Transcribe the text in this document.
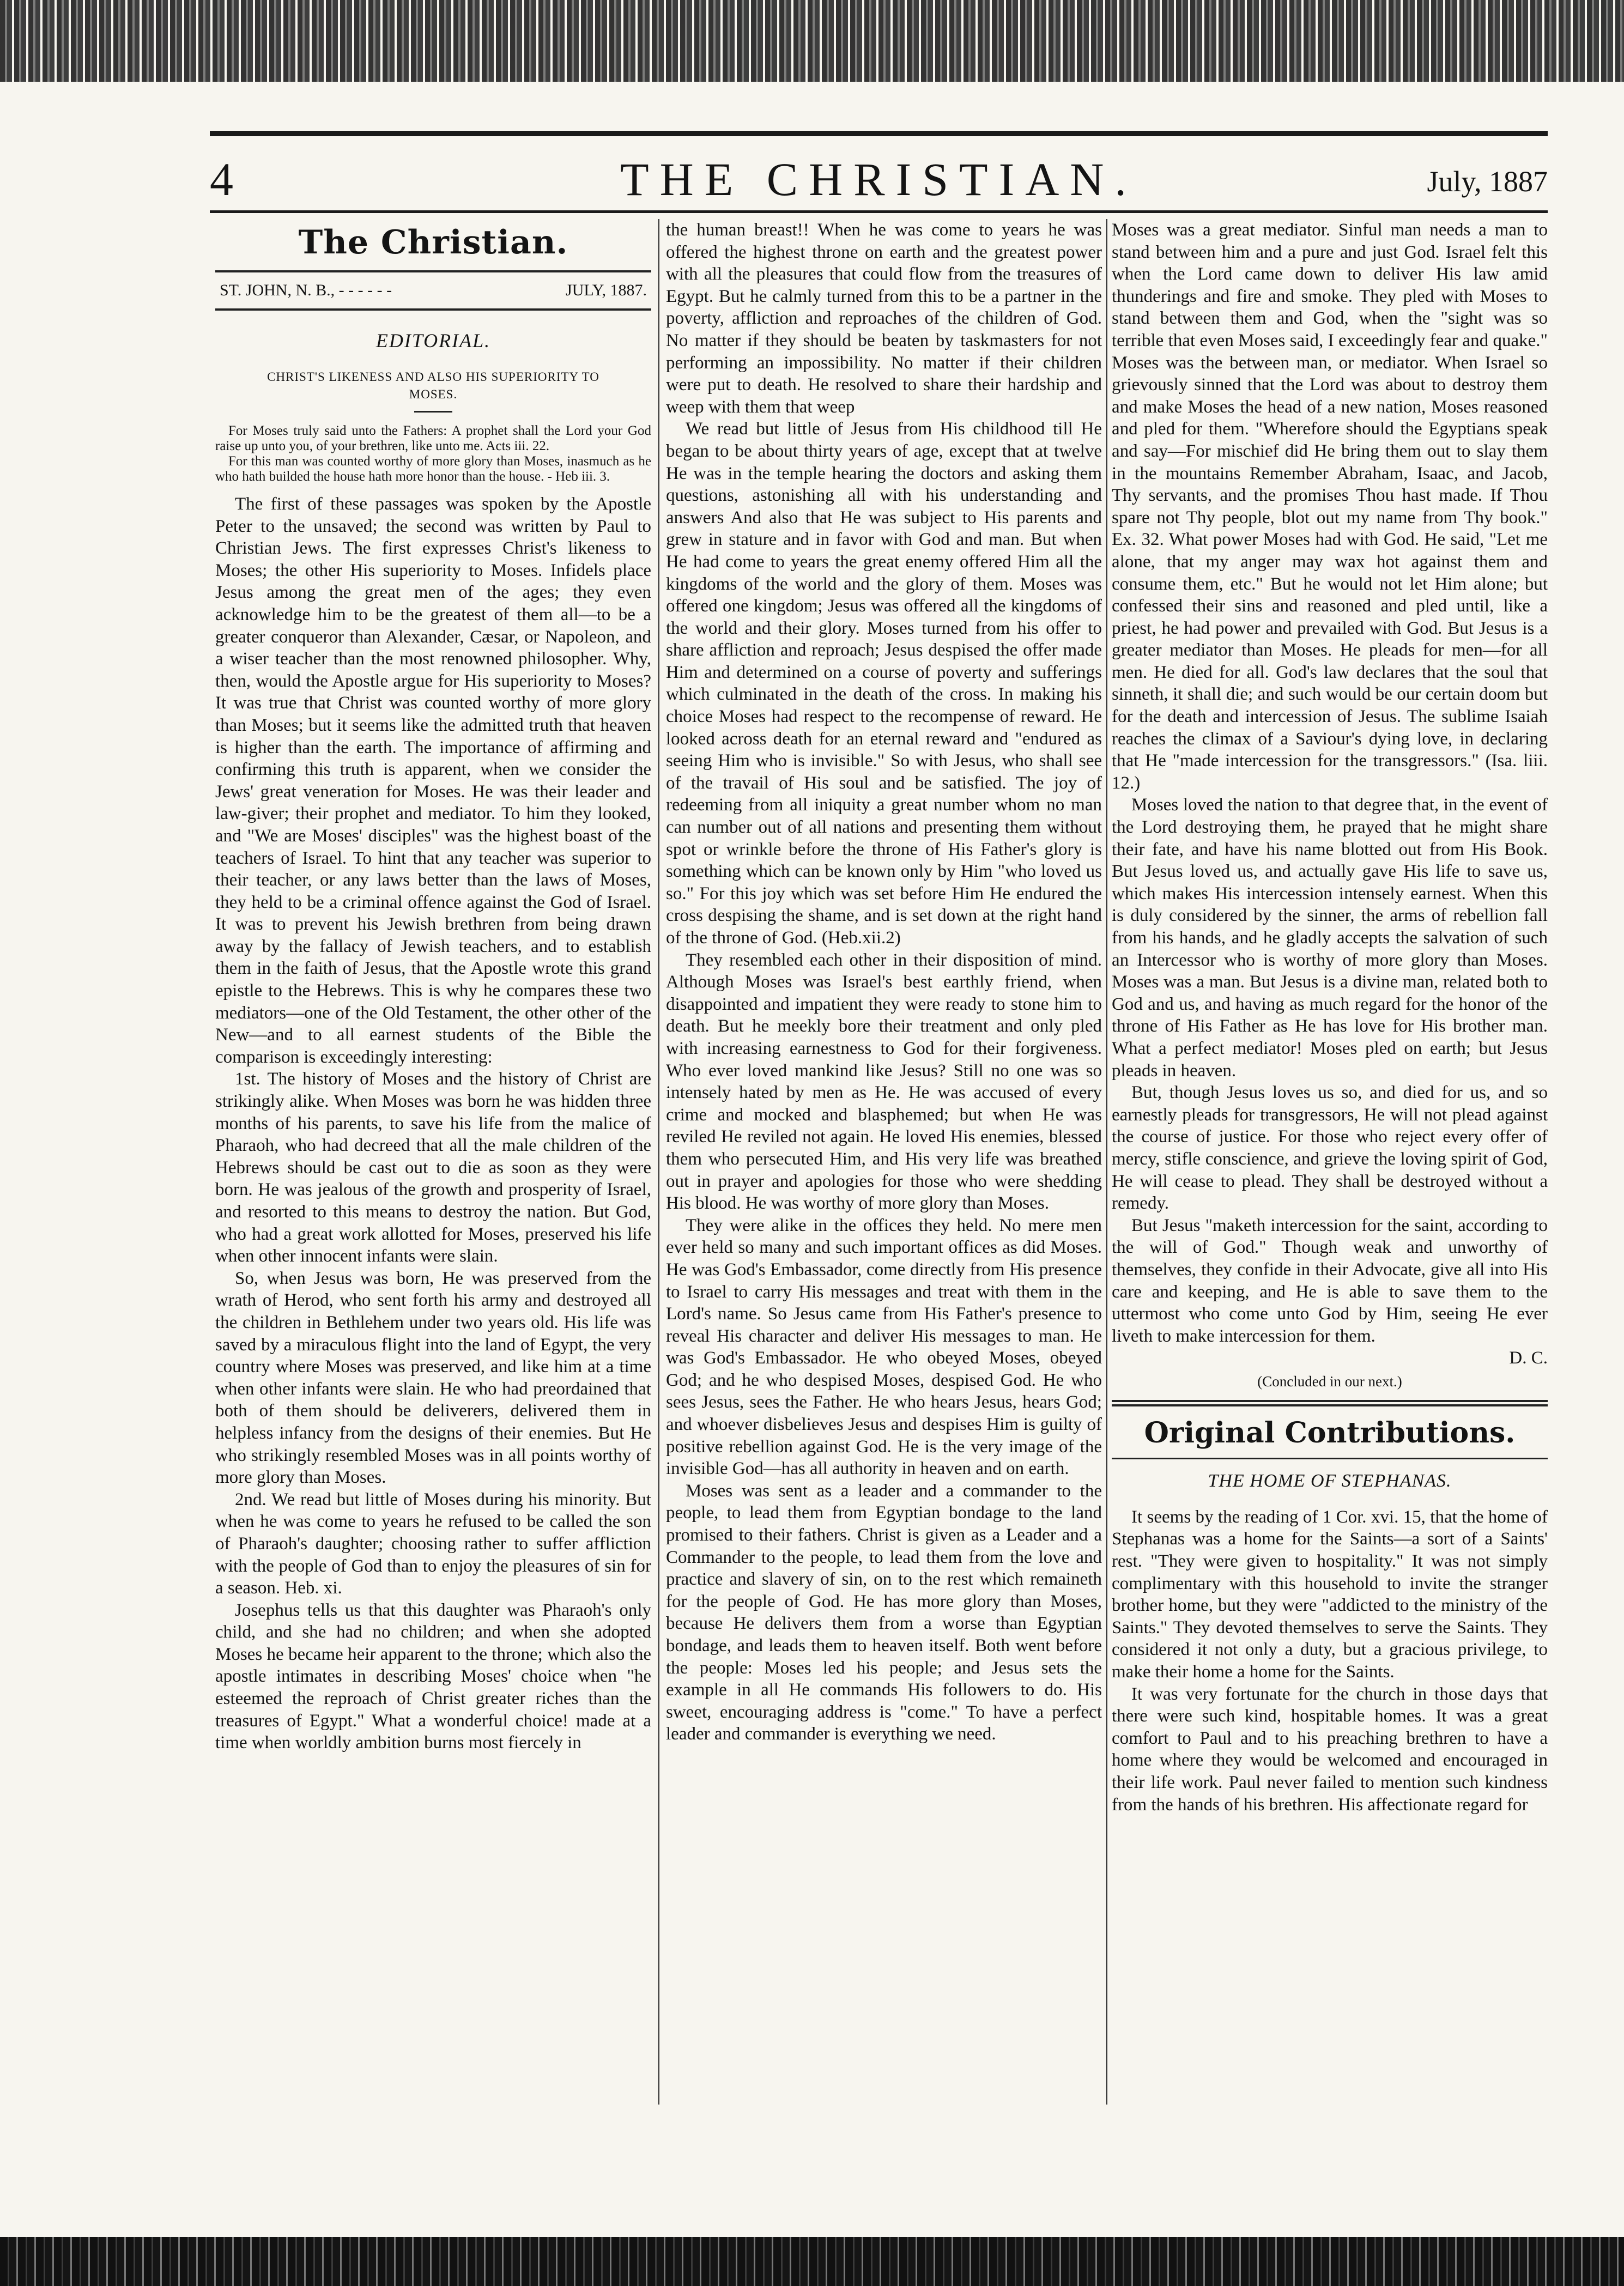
4	THE CHRISTIAN.	July, 1887
The Christian.
ST. JOHN, N. B., - - - - - -	JULY, 1887.
EDITORIAL.
CHRIST'S LIKENESS AND ALSO HIS SUPERIORITY TO MOSES.

For Moses truly said unto the Fathers: A prophet shall the Lord your God raise up unto you, of your brethren, like unto me. Acts iii. 22.

For this man was counted worthy of more glory than Moses, inasmuch as he who hath builded the house hath more honor than the house. - Heb iii. 3.

The first of these passages was spoken by the Apostle Peter to the unsaved; the second was written by Paul to Christian Jews. The first expresses Christ's likeness to Moses; the other His superiority to Moses. Infidels place Jesus among the great men of the ages; they even acknowledge him to be the greatest of them all—to be a greater conqueror than Alexander, Cæsar, or Napoleon, and a wiser teacher than the most renowned philosopher. Why, then, would the Apostle argue for His superiority to Moses? It was true that Christ was counted worthy of more glory than Moses; but it seems like the admitted truth that heaven is higher than the earth. The importance of affirming and confirming this truth is apparent, when we consider the Jews' great veneration for Moses. He was their leader and law-giver; their prophet and mediator. To him they looked, and "We are Moses' disciples" was the highest boast of the teachers of Israel. To hint that any teacher was superior to their teacher, or any laws better than the laws of Moses, they held to be a criminal offence against the God of Israel. It was to prevent his Jewish brethren from being drawn away by the fallacy of Jewish teachers, and to establish them in the faith of Jesus, that the Apostle wrote this grand epistle to the Hebrews. This is why he compares these two mediators—one of the Old Testament, the other other of the New—and to all earnest students of the Bible the comparison is exceedingly interesting:

1st. The history of Moses and the history of Christ are strikingly alike. When Moses was born he was hidden three months of his parents, to save his life from the malice of Pharaoh, who had decreed that all the male children of the Hebrews should be cast out to die as soon as they were born. He was jealous of the growth and prosperity of Israel, and resorted to this means to destroy the nation. But God, who had a great work allotted for Moses, preserved his life when other innocent infants were slain.

So, when Jesus was born, He was preserved from the wrath of Herod, who sent forth his army and destroyed all the children in Bethlehem under two years old. His life was saved by a miraculous flight into the land of Egypt, the very country where Moses was preserved, and like him at a time when other infants were slain. He who had preordained that both of them should be deliverers, delivered them in helpless infancy from the designs of their enemies. But He who strikingly resembled Moses was in all points worthy of more glory than Moses.

2nd. We read but little of Moses during his minority. But when he was come to years he refused to be called the son of Pharaoh's daughter; choosing rather to suffer affliction with the people of God than to enjoy the pleasures of sin for a season. Heb. xi.

Josephus tells us that this daughter was Pharaoh's only child, and she had no children; and when she adopted Moses he became heir apparent to the throne; which also the apostle intimates in describing Moses' choice when "he esteemed the reproach of Christ greater riches than the treasures of Egypt." What a wonderful choice! made at a time when worldly ambition burns most fiercely in

the human breast!! When he was come to years he was offered the highest throne on earth and the greatest power with all the pleasures that could flow from the treasures of Egypt. But he calmly turned from this to be a partner in the poverty, affliction and reproaches of the children of God. No matter if they should be beaten by taskmasters for not performing an impossibility. No matter if their children were put to death. He resolved to share their hardship and weep with them that weep

We read but little of Jesus from His childhood till He began to be about thirty years of age, except that at twelve He was in the temple hearing the doctors and asking them questions, astonishing all with his understanding and answers And also that He was subject to His parents and grew in stature and in favor with God and man. But when He had come to years the great enemy offered Him all the kingdoms of the world and the glory of them. Moses was offered one kingdom; Jesus was offered all the kingdoms of the world and their glory. Moses turned from his offer to share affliction and reproach; Jesus despised the offer made Him and determined on a course of poverty and sufferings which culminated in the death of the cross. In making his choice Moses had respect to the recompense of reward. He looked across death for an eternal reward and "endured as seeing Him who is invisible." So with Jesus, who shall see of the travail of His soul and be satisfied. The joy of redeeming from all iniquity a great number whom no man can number out of all nations and presenting them without spot or wrinkle before the throne of His Father's glory is something which can be known only by Him "who loved us so." For this joy which was set before Him He endured the cross despising the shame, and is set down at the right hand of the throne of God. (Heb.xii.2)

They resembled each other in their disposition of mind. Although Moses was Israel's best earthly friend, when disappointed and impatient they were ready to stone him to death. But he meekly bore their treatment and only pled with increasing earnestness to God for their forgiveness. Who ever loved mankind like Jesus? Still no one was so intensely hated by men as He. He was accused of every crime and mocked and blasphemed; but when He was reviled He reviled not again. He loved His enemies, blessed them who persecuted Him, and His very life was breathed out in prayer and apologies for those who were shedding His blood. He was worthy of more glory than Moses.

They were alike in the offices they held. No mere men ever held so many and such important offices as did Moses. He was God's Embassador, come directly from His presence to Israel to carry His messages and treat with them in the Lord's name. So Jesus came from His Father's presence to reveal His character and deliver His messages to man. He was God's Embassador. He who obeyed Moses, obeyed God; and he who despised Moses, despised God. He who sees Jesus, sees the Father. He who hears Jesus, hears God; and whoever disbelieves Jesus and despises Him is guilty of positive rebellion against God. He is the very image of the invisible God—has all authority in heaven and on earth.

Moses was sent as a leader and a commander to the people, to lead them from Egyptian bondage to the land promised to their fathers. Christ is given as a Leader and a Commander to the people, to lead them from the love and practice and slavery of sin, on to the rest which remaineth for the people of God. He has more glory than Moses, because He delivers them from a worse than Egyptian bondage, and leads them to heaven itself. Both went before the people: Moses led his people; and Jesus sets the example in all He commands His followers to do. His sweet, encouraging address is "come." To have a perfect leader and commander is everything we need.

Moses was a great mediator. Sinful man needs a man to stand between him and a pure and just God. Israel felt this when the Lord came down to deliver His law amid thunderings and fire and smoke. They pled with Moses to stand between them and God, when the "sight was so terrible that even Moses said, I exceedingly fear and quake." Moses was the between man, or mediator. When Israel so grievously sinned that the Lord was about to destroy them and make Moses the head of a new nation, Moses reasoned and pled for them. "Wherefore should the Egyptians speak and say—For mischief did He bring them out to slay them in the mountains Remember Abraham, Isaac, and Jacob, Thy servants, and the promises Thou hast made. If Thou spare not Thy people, blot out my name from Thy book." Ex. 32. What power Moses had with God. He said, "Let me alone, that my anger may wax hot against them and consume them, etc." But he would not let Him alone; but confessed their sins and reasoned and pled until, like a priest, he had power and prevailed with God. But Jesus is a greater mediator than Moses. He pleads for men—for all men. He died for all. God's law declares that the soul that sinneth, it shall die; and such would be our certain doom but for the death and intercession of Jesus. The sublime Isaiah reaches the climax of a Saviour's dying love, in declaring that He "made intercession for the transgressors." (Isa. liii. 12.)

Moses loved the nation to that degree that, in the event of the Lord destroying them, he prayed that he might share their fate, and have his name blotted out from His Book. But Jesus loved us, and actually gave His life to save us, which makes His intercession intensely earnest. When this is duly considered by the sinner, the arms of rebellion fall from his hands, and he gladly accepts the salvation of such an Intercessor who is worthy of more glory than Moses. Moses was a man. But Jesus is a divine man, related both to God and us, and having as much regard for the honor of the throne of His Father as He has love for His brother man. What a perfect mediator! Moses pled on earth; but Jesus pleads in heaven.

But, though Jesus loves us so, and died for us, and so earnestly pleads for transgressors, He will not plead against the course of justice. For those who reject every offer of mercy, stifle conscience, and grieve the loving spirit of God, He will cease to plead. They shall be destroyed without a remedy.

But Jesus "maketh intercession for the saint, according to the will of God." Though weak and unworthy of themselves, they confide in their Advocate, give all into His care and keeping, and He is able to save them to the uttermost who come unto God by Him, seeing He ever liveth to make intercession for them.

D. C.
(Concluded in our next.)
Original Contributions.
THE HOME OF STEPHANAS.

It seems by the reading of 1 Cor. xvi. 15, that the home of Stephanas was a home for the Saints—a sort of a Saints' rest. "They were given to hospitality." It was not simply complimentary with this household to invite the stranger brother home, but they were "addicted to the ministry of the Saints." They devoted themselves to serve the Saints. They considered it not only a duty, but a gracious privilege, to make their home a home for the Saints.

It was very fortunate for the church in those days that there were such kind, hospitable homes. It was a great comfort to Paul and to his preaching brethren to have a home where they would be welcomed and encouraged in their life work. Paul never failed to mention such kindness from the hands of his brethren. His affectionate regard for
